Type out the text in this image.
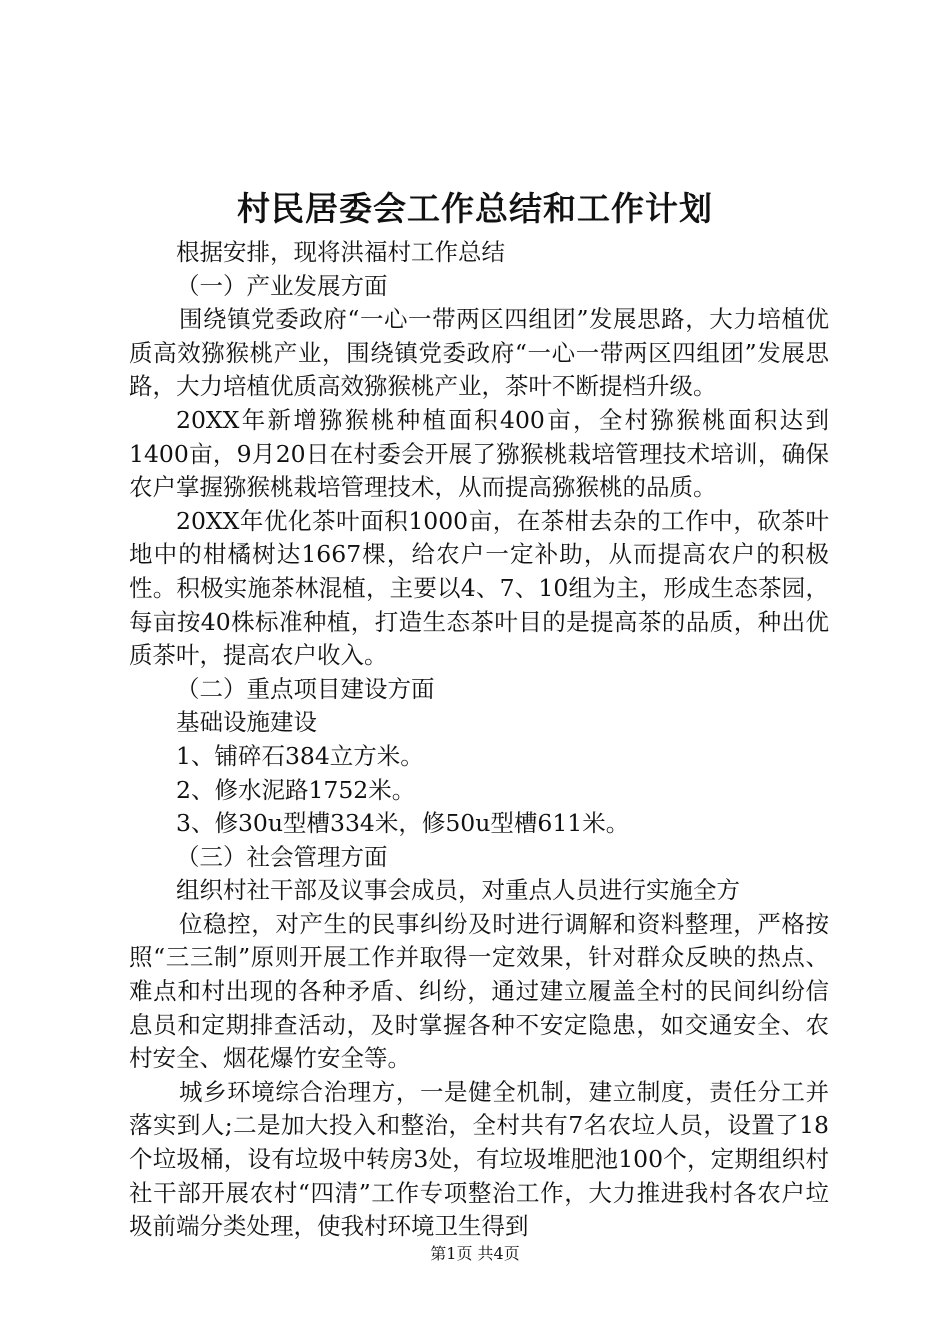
村民居委会工作总结和工作计划

根据安排，现将洪福村工作总结

（一）产业发展方面

围绕镇党委政府“一心一带两区四组团”发展思路，大力培植优质高效猕猴桃产业，围绕镇党委政府“一心一带两区四组团”发展思路，大力培植优质高效猕猴桃产业，茶叶不断提档升级。

20XX年新增猕猴桃种植面积400亩，全村猕猴桃面积达到1400亩，9月20日在村委会开展了猕猴桃栽培管理技术培训，确保农户掌握猕猴桃栽培管理技术，从而提高猕猴桃的品质。

20XX年优化茶叶面积1000亩，在茶柑去杂的工作中，砍茶叶地中的柑橘树达1667棵，给农户一定补助，从而提高农户的积极性。积极实施茶林混植，主要以4、7、10组为主，形成生态茶园，每亩按40株标准种植，打造生态茶叶目的是提高茶的品质，种出优质茶叶，提高农户收入。

（二）重点项目建设方面

基础设施建设

1、铺碎石384立方米。

2、修水泥路1752米。

3、修30u型槽334米，修50u型槽611米。

（三）社会管理方面

组织村社干部及议事会成员，对重点人员进行实施全方

位稳控，对产生的民事纠纷及时进行调解和资料整理，严格按照“三三制”原则开展工作并取得一定效果，针对群众反映的热点、难点和村出现的各种矛盾、纠纷，通过建立履盖全村的民间纠纷信息员和定期排查活动，及时掌握各种不安定隐患，如交通安全、农村安全、烟花爆竹安全等。

城乡环境综合治理方，一是健全机制，建立制度，责任分工并落实到人;二是加大投入和整治，全村共有7名农垃人员，设置了18个垃圾桶，设有垃圾中转房3处，有垃圾堆肥池100个，定期组织村社干部开展农村“四清”工作专项整治工作，大力推进我村各农户垃圾前端分类处理，使我村环境卫生得到

第1页 共4页
